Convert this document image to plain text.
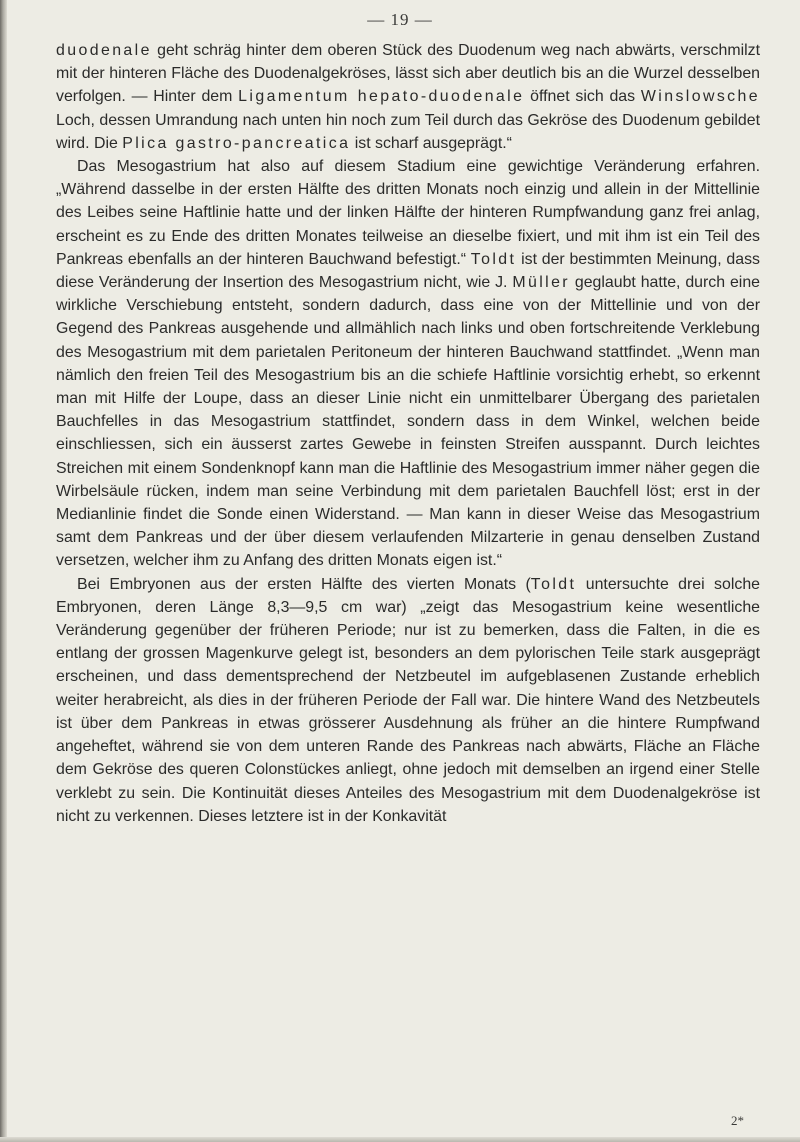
— 19 —

duodenale geht schräg hinter dem oberen Stück des Duodenum weg nach abwärts, verschmilzt mit der hinteren Fläche des Duodenalgekröses, lässt sich aber deutlich bis an die Wurzel desselben verfolgen. — Hinter dem Ligamentum hepato-duodenale öffnet sich das Winslowsche Loch, dessen Umrandung nach unten hin noch zum Teil durch das Gekröse des Duodenum gebildet wird. Die Plica gastro-pancreatica ist scharf ausgeprägt.“

Das Mesogastrium hat also auf diesem Stadium eine gewichtige Veränderung erfahren. „Während dasselbe in der ersten Hälfte des dritten Monats noch einzig und allein in der Mittellinie des Leibes seine Haftlinie hatte und der linken Hälfte der hinteren Rumpfwandung ganz frei anlag, erscheint es zu Ende des dritten Monates teilweise an dieselbe fixiert, und mit ihm ist ein Teil des Pankreas ebenfalls an der hinteren Bauchwand befestigt.“ Toldt ist der bestimmten Meinung, dass diese Veränderung der Insertion des Mesogastrium nicht, wie J. Müller geglaubt hatte, durch eine wirkliche Verschiebung entsteht, sondern dadurch, dass eine von der Mittellinie und von der Gegend des Pankreas ausgehende und allmählich nach links und oben fortschreitende Verklebung des Mesogastrium mit dem parietalen Peritoneum der hinteren Bauchwand stattfindet. „Wenn man nämlich den freien Teil des Mesogastrium bis an die schiefe Haftlinie vorsichtig erhebt, so erkennt man mit Hilfe der Loupe, dass an dieser Linie nicht ein unmittelbarer Übergang des parietalen Bauchfelles in das Mesogastrium stattfindet, sondern dass in dem Winkel, welchen beide einschliessen, sich ein äusserst zartes Gewebe in feinsten Streifen ausspannt. Durch leichtes Streichen mit einem Sondenknopf kann man die Haftlinie des Mesogastrium immer näher gegen die Wirbelsäule rücken, indem man seine Verbindung mit dem parietalen Bauchfell löst; erst in der Medianlinie findet die Sonde einen Widerstand. — Man kann in dieser Weise das Mesogastrium samt dem Pankreas und der über diesem verlaufenden Milzarterie in genau denselben Zustand versetzen, welcher ihm zu Anfang des dritten Monats eigen ist.“

Bei Embryonen aus der ersten Hälfte des vierten Monats (Toldt untersuchte drei solche Embryonen, deren Länge 8,3—9,5 cm war) „zeigt das Mesogastrium keine wesentliche Veränderung gegenüber der früheren Periode; nur ist zu bemerken, dass die Falten, in die es entlang der grossen Magenkurve gelegt ist, besonders an dem pylorischen Teile stark ausgeprägt erscheinen, und dass dementsprechend der Netzbeutel im aufgeblasenen Zustande erheblich weiter herabreicht, als dies in der früheren Periode der Fall war. Die hintere Wand des Netzbeutels ist über dem Pankreas in etwas grösserer Ausdehnung als früher an die hintere Rumpfwand angeheftet, während sie von dem unteren Rande des Pankreas nach abwärts, Fläche an Fläche dem Gekröse des queren Colonstückes anliegt, ohne jedoch mit demselben an irgend einer Stelle verklebt zu sein. Die Kontinuität dieses Anteiles des Mesogastrium mit dem Duodenalgekröse ist nicht zu verkennen. Dieses letztere ist in der Konkavität

2*
